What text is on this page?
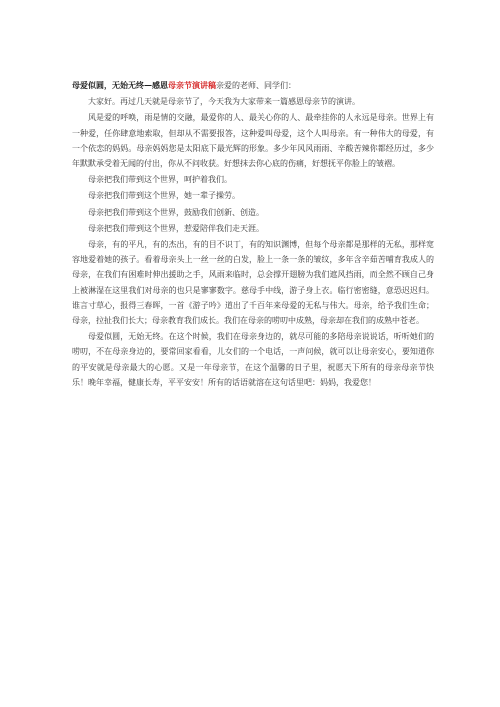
母爱似圆，无始无终—感恩母亲节演讲稿亲爱的老师、同学们：

大家好。再过几天就是母亲节了，今天我为大家带来一篇感恩母亲节的演讲。

风是爱的呼唤，雨是情的交融，最爱你的人、最关心你的人、最牵挂你的人永远是母亲。世界上有一种爱，任你肆意地索取，但却从不需要报答，这种爱叫母爱，这个人叫母亲。有一种伟大的母爱，有一个依恋的妈妈。母亲妈妈您是太阳底下最光辉的形象。多少年风风雨雨、辛酸苦辣你都经历过，多少年默默承受着无闻的付出，你从不问收获。好想抹去你心底的伤痛，好想抚平你脸上的皱褶。

母亲把我们带到这个世界，呵护着我们。

母亲把我们带到这个世界，她一辈子操劳。

母亲把我们带到这个世界，鼓励我们创新、创造。

母亲把我们带到这个世界，惹爱陪伴我们走天涯。

母亲，有的平凡，有的杰出，有的目不识丁，有的知识渊博，但每个母亲都是那样的无私，那样宽容地爱着她的孩子。看着母亲头上一丝一丝的白发，脸上一条一条的皱纹，多年含辛茹苦哺育我成人的母亲，在我们有困难时伸出援助之手，风雨来临时，总会撑开翅膀为我们遮风挡雨，而全然不顾自己身上被淋湿在这里我们对母亲的也只是寥寥数字。慈母手中线，游子身上衣。临行密密缝，意恐迟迟归。谁言寸草心，报得三春晖，一首《游子吟》道出了千百年来母爱的无私与伟大。母亲，给予我们生命；母亲，拉扯我们长大；母亲教育我们成长。我们在母亲的唠叨中成熟，母亲却在我们的成熟中苍老。

母爱似圆，无始无终。在这个时候，我们在母亲身边的，就尽可能的多陪母亲说说话，听听她们的唠叨，不在母亲身边的，要常回家看看，儿女们的一个电话，一声问候，就可以让母亲安心，要知道你的平安就是母亲最大的心愿。又是一年母亲节，在这个温馨的日子里，祝愿天下所有的母亲母亲节快乐！晚年幸福，健康长寿，平平安安！所有的话语就溶在这句话里吧：妈妈，我爱您！
